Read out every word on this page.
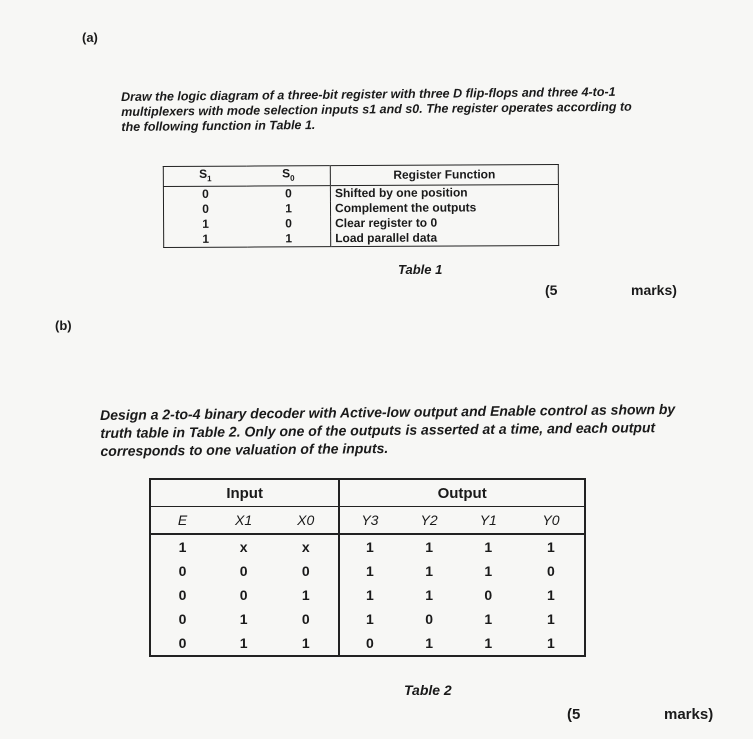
(a)
Draw the logic diagram of a three-bit register with three D flip-flops and three 4-to-1
multiplexers with mode selection inputs s1 and s0. The register operates according to
the following function in Table 1.
$S_1$	$S_0$	Register Function
0	0	Shifted by one position
0	1	Complement the outputs
1	0	Clear register to 0
1	1	Load parallel data
Table 1
(5	marks)
(b)
Design a 2-to-4 binary decoder with Active-low output and Enable control as shown by
truth table in Table 2. Only one of the outputs is asserted at a time, and each output
corresponds to one valuation of the inputs.
Input			Output			
E	X1	X0	Y3	Y2	Y1	Y0
1	x	x	1	1	1	1
0	0	0	1	1	1	0
0	0	1	1	1	0	1
0	1	0	1	0	1	1
0	1	1	0	1	1	1
Table 2
(5	marks)
